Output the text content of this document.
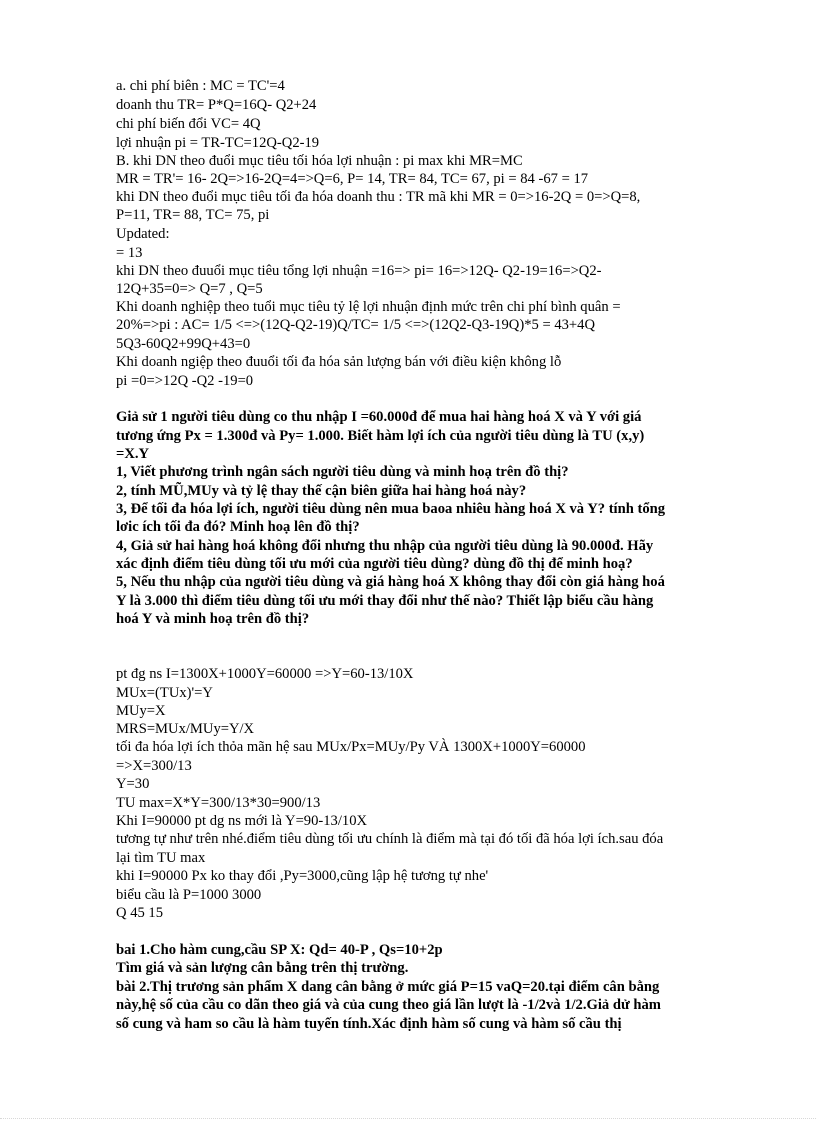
a. chi phí biên : MC = TC'=4
doanh thu TR= P*Q=16Q- Q2+24
chi phí biến đổi VC= 4Q
lợi nhuận pi = TR-TC=12Q-Q2-19
B. khi DN theo đuổi mục tiêu tối hóa lợi nhuận : pi max khi MR=MC
MR = TR'= 16- 2Q=>16-2Q=4=>Q=6, P= 14, TR= 84, TC= 67, pi = 84 -67 = 17
khi DN theo đuổi mục tiêu tối đa hóa doanh thu : TR mã khi MR = 0=>16-2Q = 0=>Q=8,
P=11, TR= 88, TC= 75, pi
Updated:
= 13
khi DN theo đuuổi mục tiêu tổng lợi nhuận =16=> pi= 16=>12Q- Q2-19=16=>Q2-
12Q+35=0=> Q=7 , Q=5
Khi doanh nghiệp theo tuổi mục tiêu tỷ lệ lợi nhuận định mức trên chi phí bình quân =
20%=>pi : AC= 1/5 <=>(12Q-Q2-19)Q/TC= 1/5 <=>(12Q2-Q3-19Q)*5 = 43+4Q
5Q3-60Q2+99Q+43=0
Khi doanh ngiệp theo đuuổi tối đa hóa sản lượng bán với điều kiện không lỗ
pi =0=>12Q -Q2 -19=0
Giả sử 1 người tiêu dùng co thu nhập I =60.000đ để mua hai hàng hoá X và Y với giá
tương ứng Px = 1.300đ và Py= 1.000. Biết hàm lợi ích của người tiêu dùng là TU (x,y)
=X.Y
1, Viết phương trình ngân sách người tiêu dùng và minh hoạ trên đồ thị?
2, tính MŨ,MUy và tỷ lệ thay thế cận biên giữa hai hàng hoá này?
3, Để tối đa hóa lợi ích, người tiêu dùng nên mua baoa nhiêu hàng hoá X và Y? tính tổng
lơic ích tối đa đó? Minh hoạ lên đồ thị?
4, Giả sử hai hàng hoá không đổi nhưng thu nhập của người tiêu dùng là 90.000đ. Hãy
xác định điểm tiêu dùng tối ưu mới của người tiêu dùng? dùng đồ thị để minh hoạ?
5, Nếu thu nhập của người tiêu dùng và giá hàng hoá X không thay đổi còn giá hàng hoá
Y là 3.000 thì điểm tiêu dùng tối ưu mới thay đổi như thế nào? Thiết lập biểu cầu hàng
hoá Y và minh hoạ trên đồ thị?
pt đg ns I=1300X+1000Y=60000 =>Y=60-13/10X
MUx=(TUx)'=Y
MUy=X
MRS=MUx/MUy=Y/X
tối đa hóa lợi ích thỏa mãn hệ sau MUx/Px=MUy/Py VÀ 1300X+1000Y=60000
=>X=300/13
Y=30
TU max=X*Y=300/13*30=900/13
Khi I=90000 pt dg ns mới là Y=90-13/10X
tương tự như trên nhé.điểm tiêu dùng tối ưu chính là điểm mà tại đó tối đã hóa lợi ích.sau đóa
lại tìm TU max
khi I=90000 Px ko thay đổi ,Py=3000,cũng lập hệ tương tự nhe'
biểu cầu là P=1000 3000
Q 45 15
bai 1.Cho hàm cung,cầu SP X: Qd= 40-P , Qs=10+2p
Tìm giá và sản lượng cân bằng trên thị trường.
bài 2.Thị trương sản phẩm X dang cân bằng ở mức giá P=15 vaQ=20.tại điểm cân bằng
này,hệ số của cầu co dãn theo giá và của cung theo giá lần lượt là -1/2và 1/2.Giả dử hàm
số cung và ham so cầu là hàm tuyến tính.Xác định hàm số cung và hàm số cầu thị
